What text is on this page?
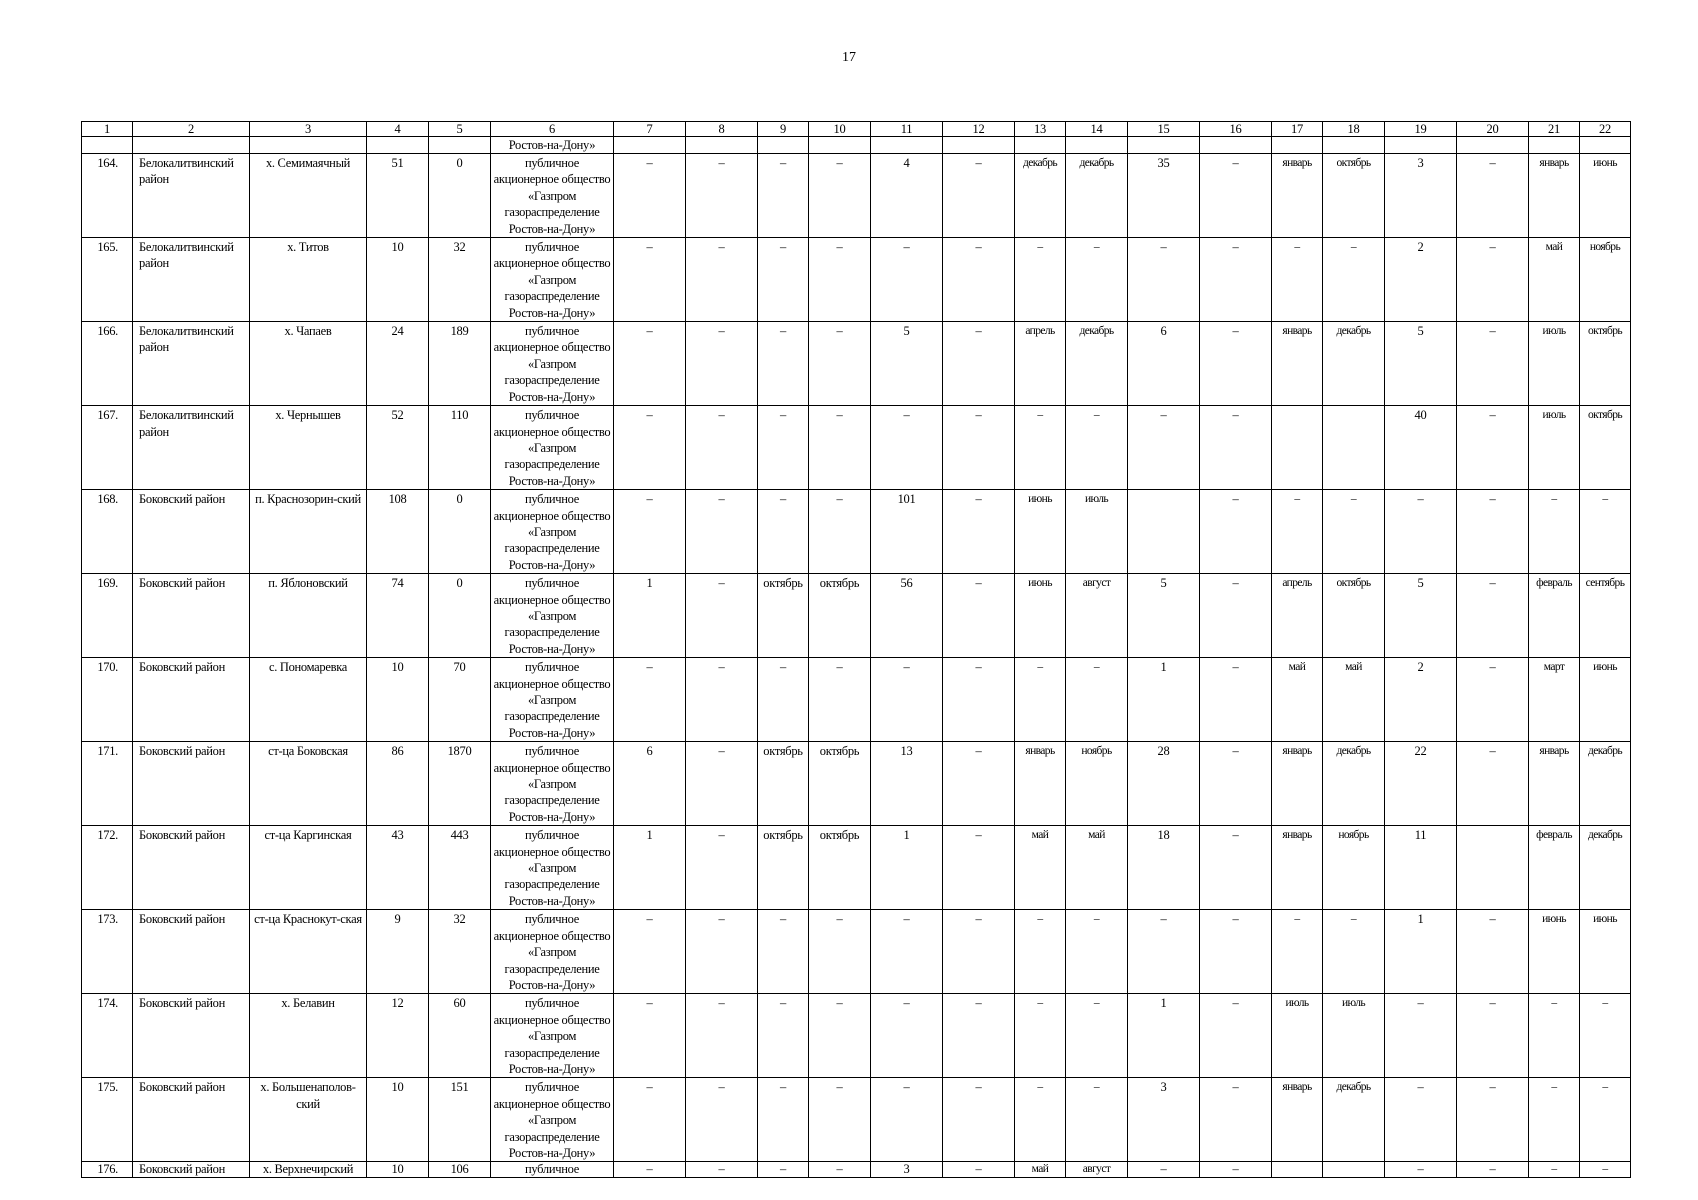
17
1	2	3	4	5	6	7	8	9	10	11	12	13	14	15	16	17	18	19	20	21	22
					Ростов-на-Дону»																
164.	Белокалитвинский район	х. Семимаячный	51	0	публичное акционерное общество «Газпром газораспределение Ростов-на-Дону»	–	–	–	–	4	–	декабрь	декабрь	35	–	январь	октябрь	3	–	январь	июнь
165.	Белокалитвинский район	х. Титов	10	32	публичное акционерное общество «Газпром газораспределение Ростов-на-Дону»	–	–	–	–	–	–	–	–	–	–	–	–	2	–	май	ноябрь
166.	Белокалитвинский район	х. Чапаев	24	189	публичное акционерное общество «Газпром газораспределение Ростов-на-Дону»	–	–	–	–	5	–	апрель	декабрь	6	–	январь	декабрь	5	–	июль	октябрь
167.	Белокалитвинский район	х. Чернышев	52	110	публичное акционерное общество «Газпром газораспределение Ростов-на-Дону»	–	–	–	–	–	–	–	–	–	–			40	–	июль	октябрь
168.	Боковский район	п. Краснозорин-ский	108	0	публичное акционерное общество «Газпром газораспределение Ростов-на-Дону»	–	–	–	–	101	–	июнь	июль		–	–	–	–	–	–	–
169.	Боковский район	п. Яблоновский	74	0	публичное акционерное общество «Газпром газораспределение Ростов-на-Дону»	1	–	октябрь	октябрь	56	–	июнь	август	5	–	апрель	октябрь	5	–	февраль	сентябрь
170.	Боковский район	с. Пономаревка	10	70	публичное акционерное общество «Газпром газораспределение Ростов-на-Дону»	–	–	–	–	–	–	–	–	1	–	май	май	2	–	март	июнь
171.	Боковский район	ст-ца Боковская	86	1870	публичное акционерное общество «Газпром газораспределение Ростов-на-Дону»	6	–	октябрь	октябрь	13	–	январь	ноябрь	28	–	январь	декабрь	22	–	январь	декабрь
172.	Боковский район	ст-ца Каргинская	43	443	публичное акционерное общество «Газпром газораспределение Ростов-на-Дону»	1	–	октябрь	октябрь	1	–	май	май	18	–	январь	ноябрь	11		февраль	декабрь
173.	Боковский район	ст-ца Краснокут-ская	9	32	публичное акционерное общество «Газпром газораспределение Ростов-на-Дону»	–	–	–	–	–	–	–	–	–	–	–	–	1	–	июнь	июнь
174.	Боковский район	х. Белавин	12	60	публичное акционерное общество «Газпром газораспределение Ростов-на-Дону»	–	–	–	–	–	–	–	–	1	–	июль	июль	–	–	–	–
175.	Боковский район	х. Большенаполов-ский	10	151	публичное акционерное общество «Газпром газораспределение Ростов-на-Дону»	–	–	–	–	–	–	–	–	3	–	январь	декабрь	–	–	–	–
176.	Боковский район	х. Верхнечирский	10	106	публичное	–	–	–	–	3	–	май	август	–	–			–	–	–	–
